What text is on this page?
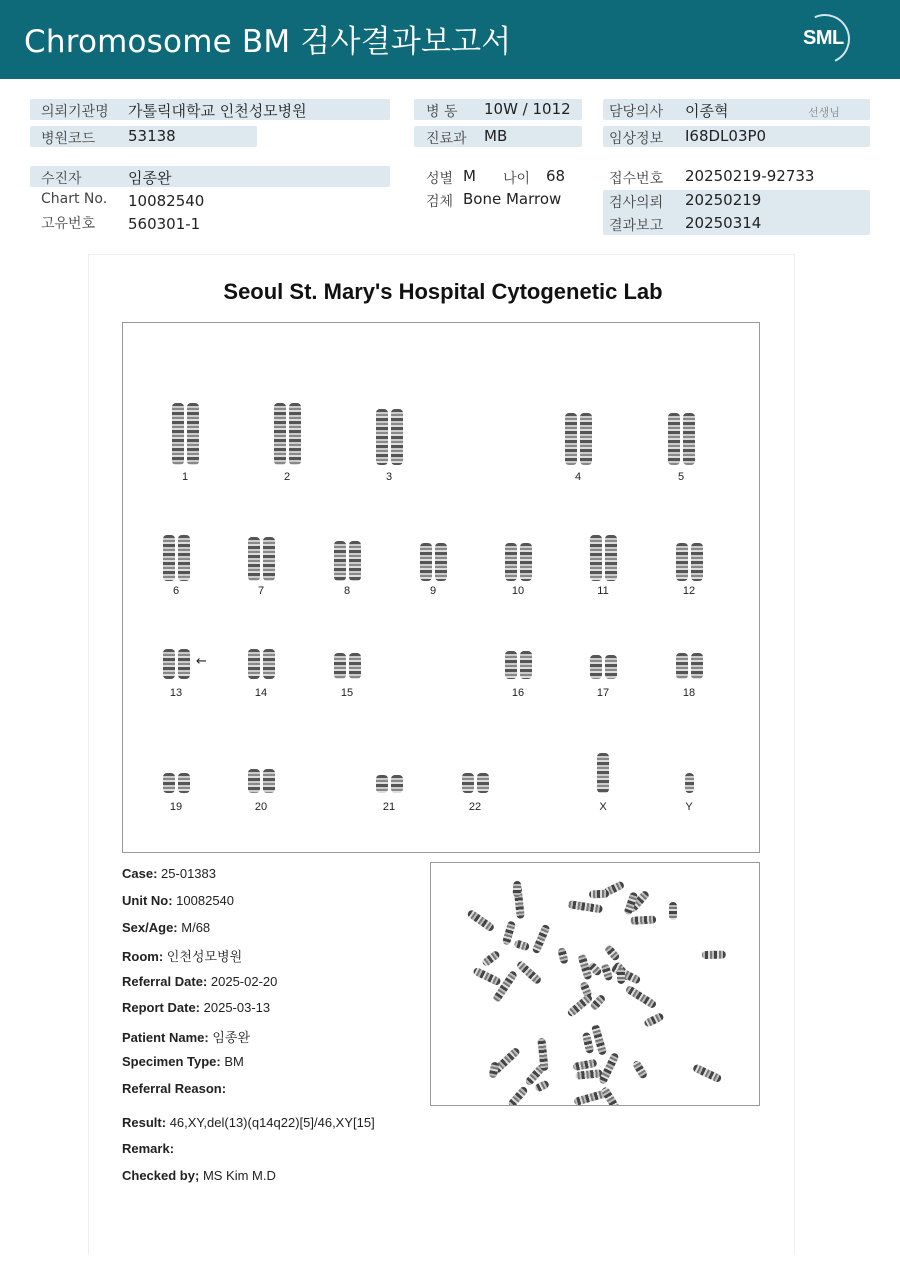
Chromosome BM 검사결과보고서	SML
의뢰기관명 가톨릭대학교 인천성모병원
병원코드 53138
병 동 10W / 1012
진료과 MB
담당의사 이종혁	선생님
임상정보 I68DL03P0
수진자	임종완
Chart No. 10082540
고유번호 560301-1
성별 M 나이 68
검체 Bone Marrow
접수번호 20250219-92733
검사의뢰 20250219
결과보고 20250314
Seoul St. Mary's Hospital Cytogenetic Lab
1	2	3	4	5
6	7	8	9	10	11	12
13	14	15	16	17	18
19	20	21	22	X	Y
←
Case: 25-01383
Unit No: 10082540
Sex/Age: M/68
Room: 인천성모병원
Referral Date: 2025-02-20
Report Date: 2025-03-13
Patient Name: 임종완
Specimen Type: BM
Referral Reason:
Result: 46,XY,del(13)(q14q22)[5]/46,XY[15]
Remark:
Checked by; MS Kim M.D
